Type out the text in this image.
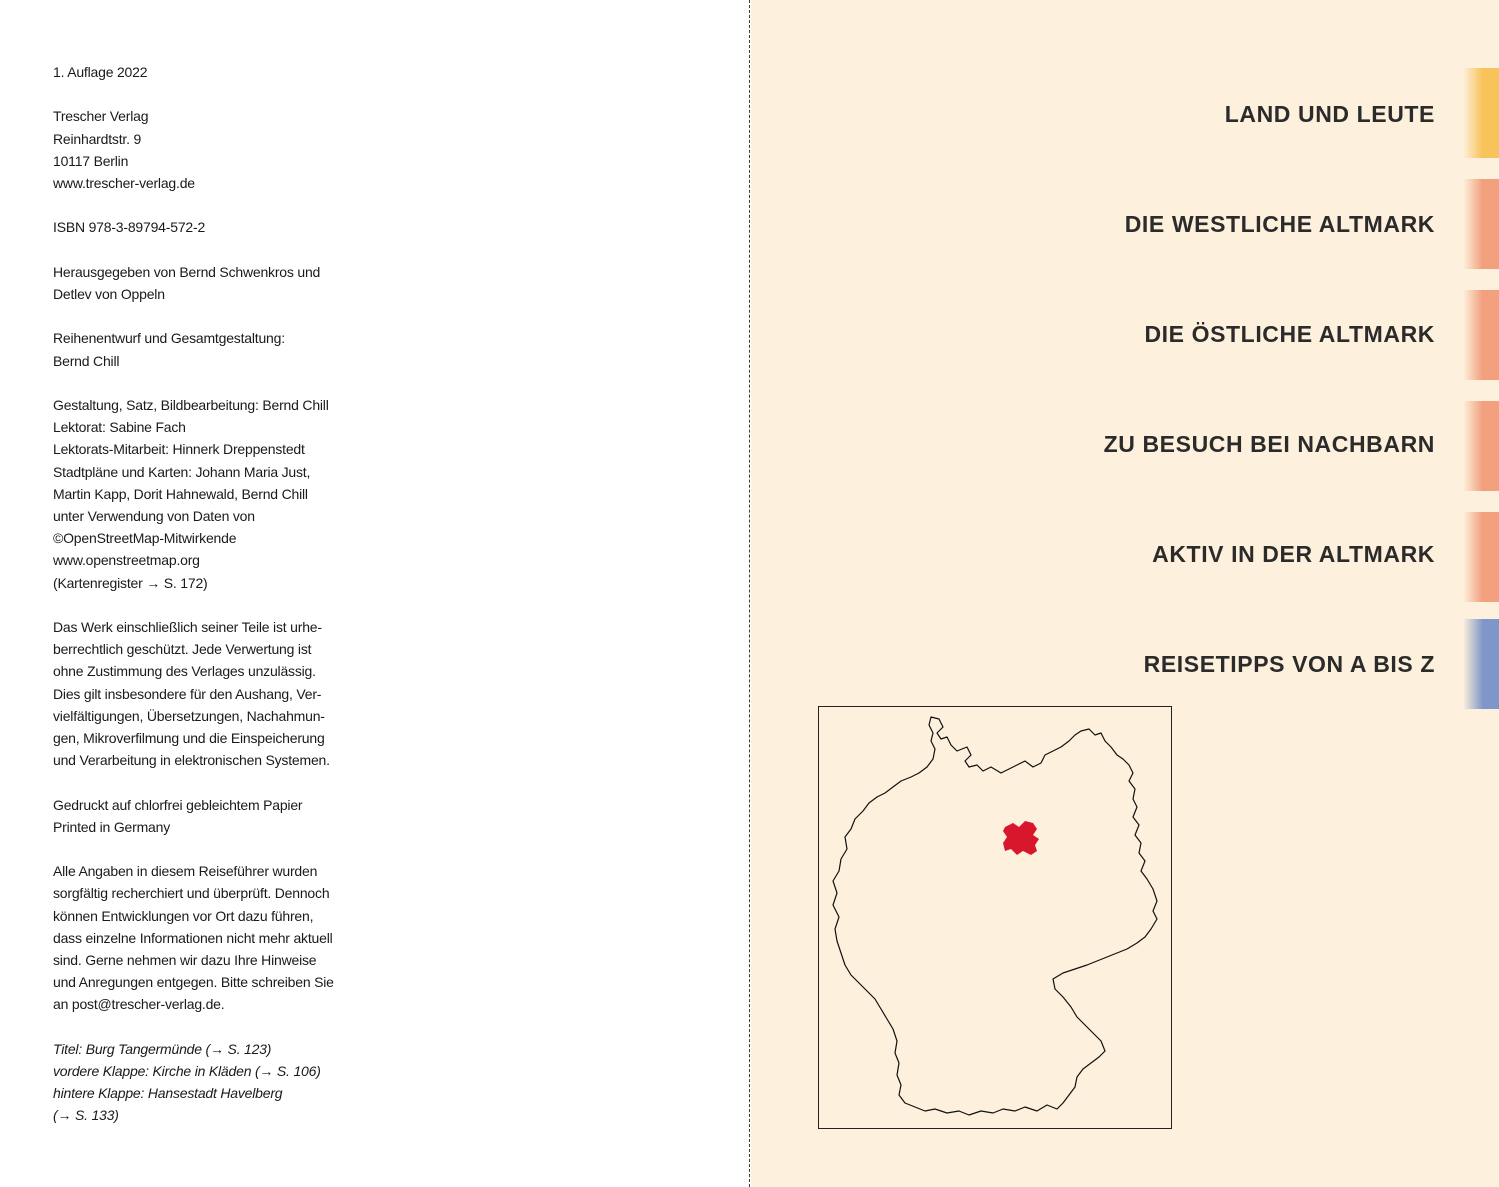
1. Auflage 2022
Trescher Verlag
Reinhardtstr. 9
10117 Berlin
www.trescher-verlag.de
ISBN 978-3-89794-572-2
Herausgegeben von Bernd Schwenkros und
Detlev von Oppeln
Reihenentwurf und Gesamtgestaltung:
Bernd Chill
Gestaltung, Satz, Bildbearbeitung: Bernd Chill
Lektorat: Sabine Fach
Lektorats-Mitarbeit: Hinnerk Dreppenstedt
Stadtpläne und Karten: Johann Maria Just,
Martin Kapp, Dorit Hahnewald, Bernd Chill
unter Verwendung von Daten von
©OpenStreetMap-Mitwirkende
www.openstreetmap.org
(Kartenregister → S. 172)
Das Werk einschließlich seiner Teile ist urhe-
berrechtlich geschützt. Jede Verwertung ist
ohne Zustimmung des Verlages unzulässig.
Dies gilt insbesondere für den Aushang, Ver-
vielfältigungen, Übersetzungen, Nachahmun-
gen, Mikroverfilmung und die Einspeicherung
und Verarbeitung in elektronischen Systemen.
Gedruckt auf chlorfrei gebleichtem Papier
Printed in Germany
Alle Angaben in diesem Reiseführer wurden
sorgfältig recherchiert und überprüft. Dennoch
können Entwicklungen vor Ort dazu führen,
dass einzelne Informationen nicht mehr aktuell
sind. Gerne nehmen wir dazu Ihre Hinweise
und Anregungen entgegen. Bitte schreiben Sie
an post@trescher-verlag.de.
Titel: Burg Tangermünde (→ S. 123)
vordere Klappe: Kirche in Kläden (→ S. 106)
hintere Klappe: Hansestadt Havelberg
(→ S. 133)
LAND UND LEUTE
DIE WESTLICHE ALTMARK
DIE ÖSTLICHE ALTMARK
ZU BESUCH BEI NACHBARN
AKTIV IN DER ALTMARK
REISETIPPS VON A BIS Z
